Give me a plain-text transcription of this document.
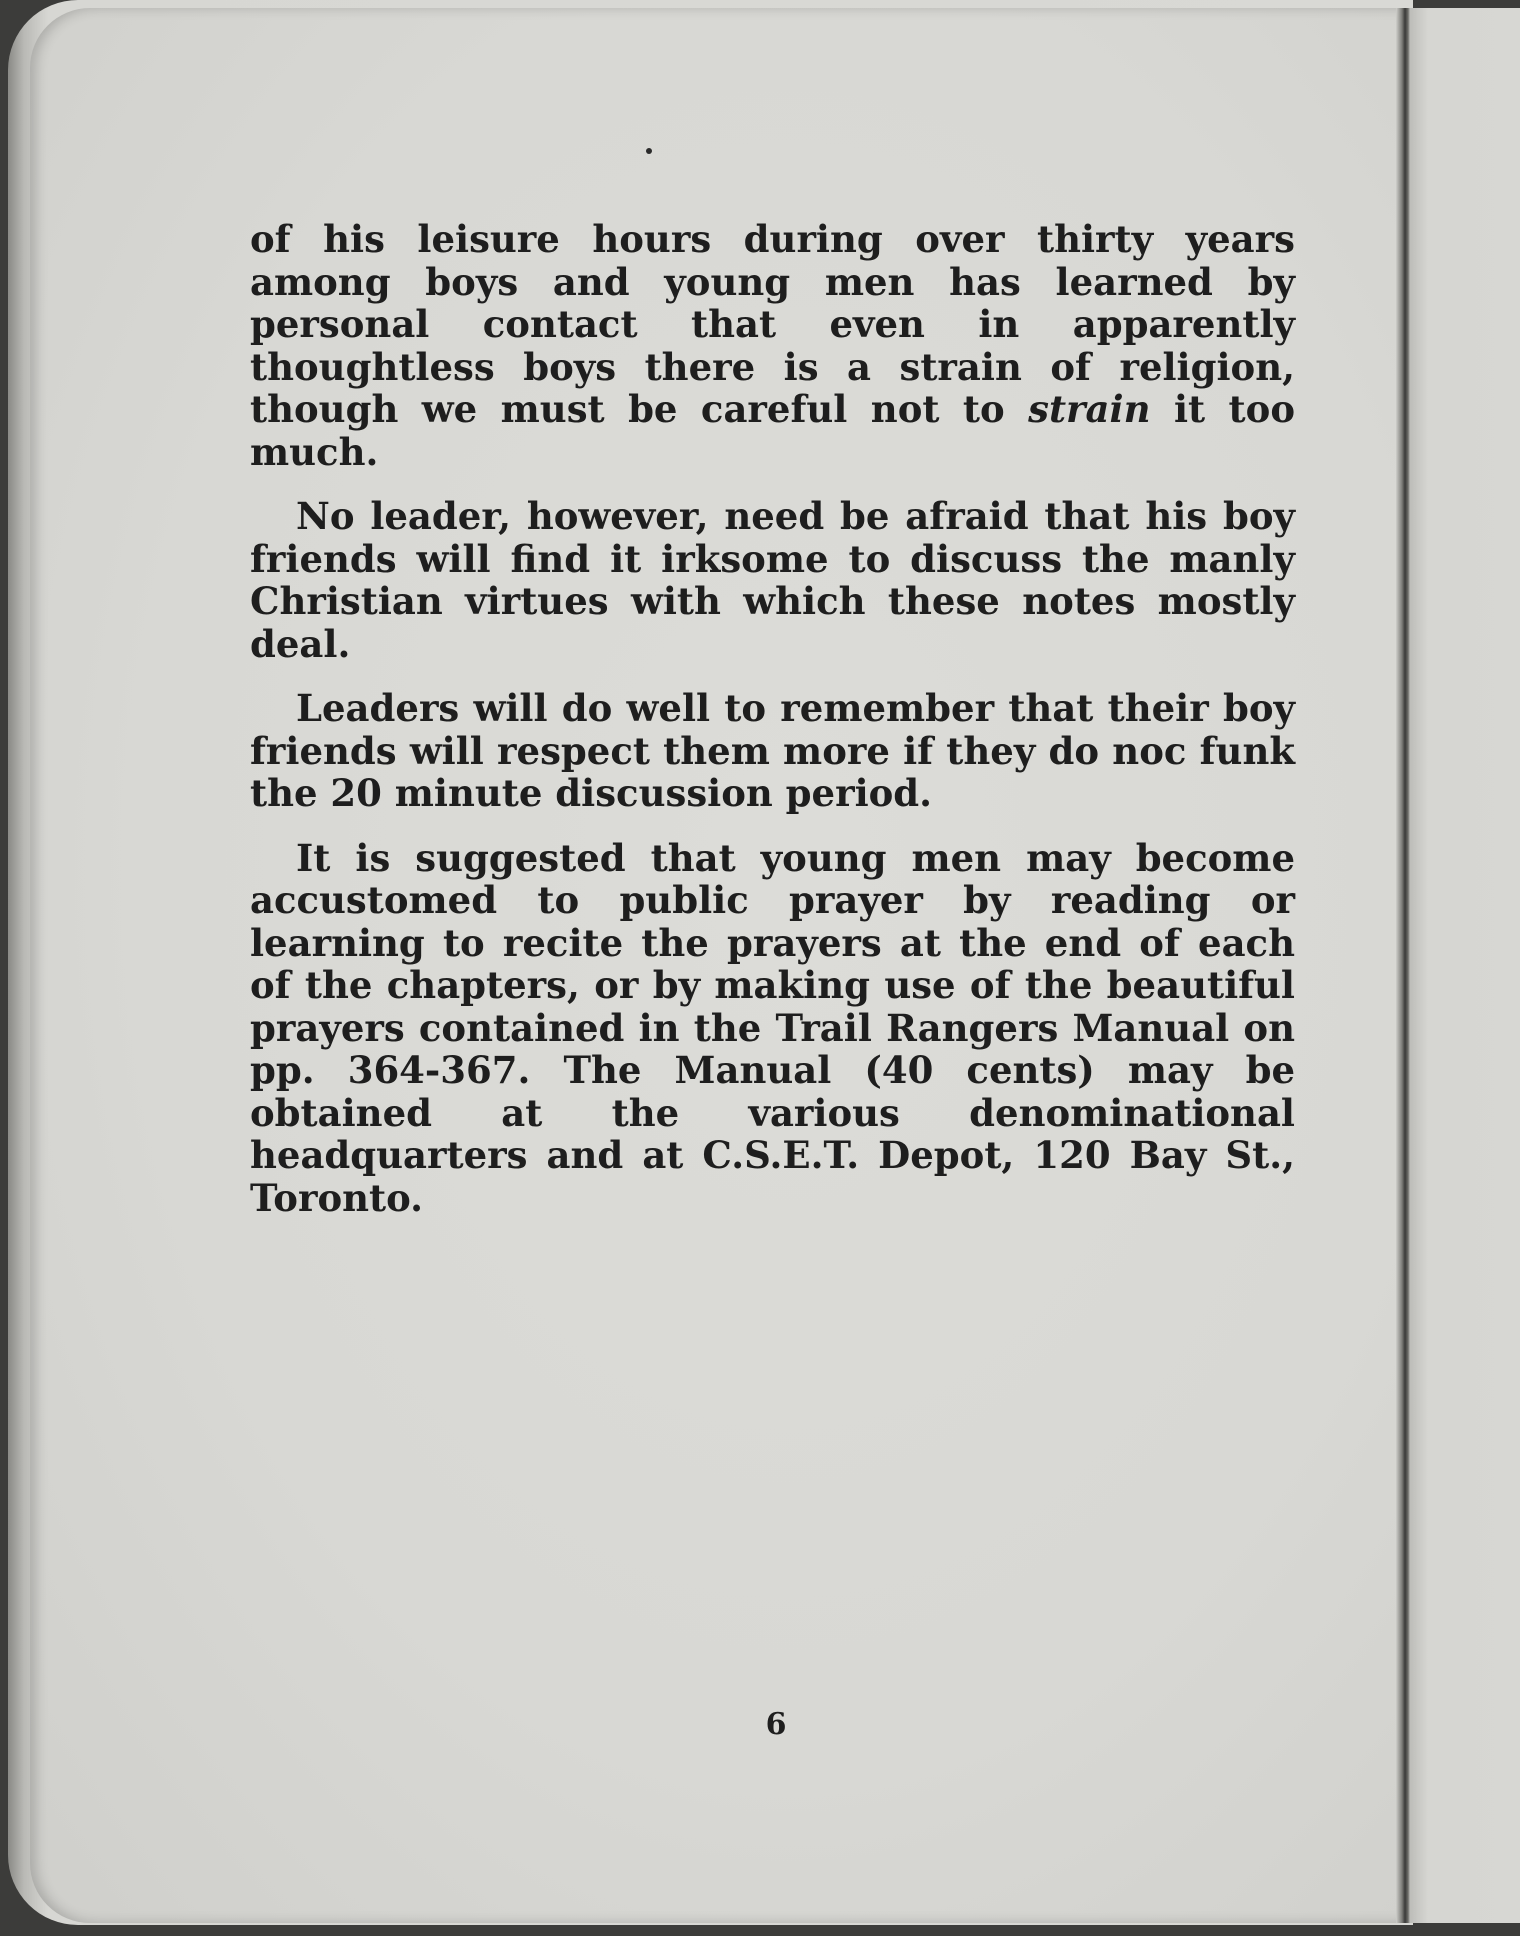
of his leisure hours during over thirty years among boys and young men has learned by personal contact that even in apparently thoughtless boys there is a strain of religion, though we must be careful not to strain it too much.

No leader, however, need be afraid that his boy friends will find it irksome to discuss the manly Christian virtues with which these notes mostly deal.

Leaders will do well to remember that their boy friends will respect them more if they do noc funk the 20 minute discussion period.

It is suggested that young men may become accustomed to public prayer by reading or learning to recite the prayers at the end of each of the chapters, or by making use of the beautiful prayers contained in the Trail Rangers Manual on pp. 364-367. The Manual (40 cents) may be obtained at the various denominational headquarters and at C.S.E.T. Depot, 120 Bay St., Toronto.

6
